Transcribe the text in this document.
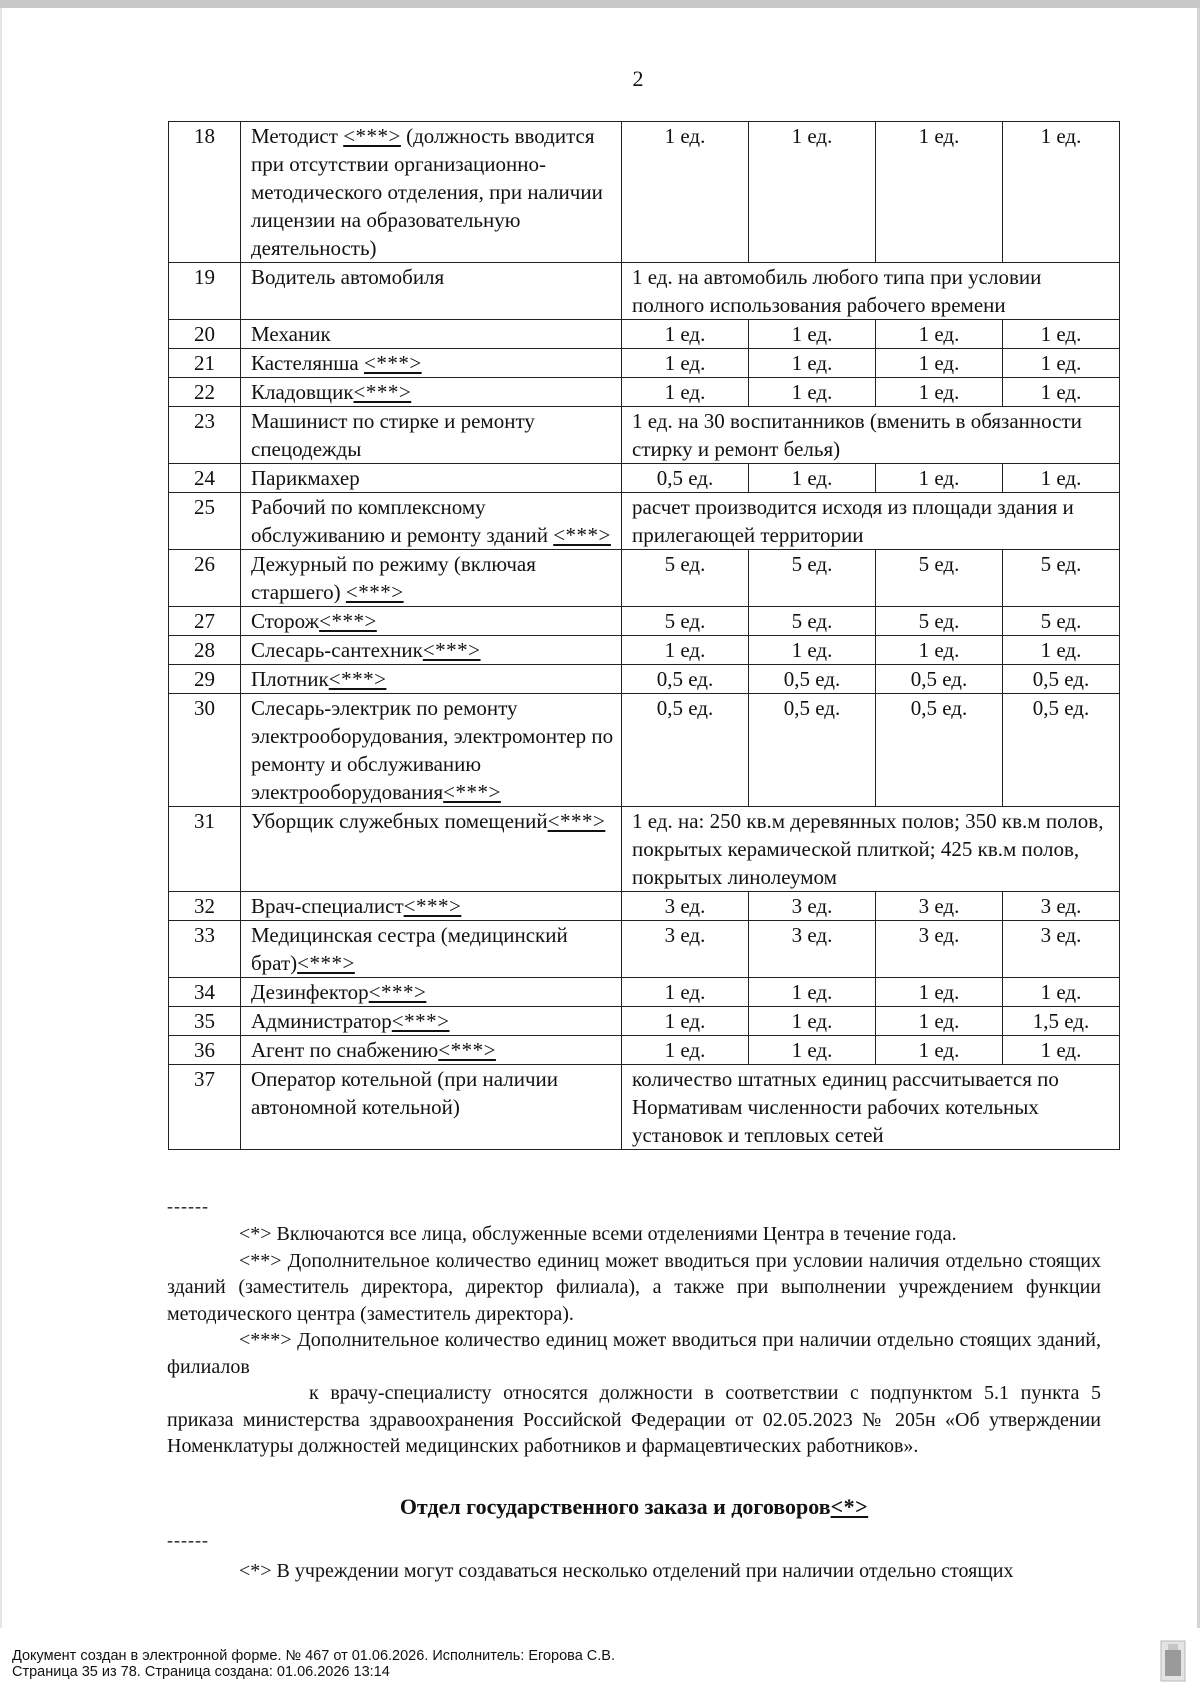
2
18	Методист <***> (должность вводится при отсутствии организационно-методического отделения, при наличии лицензии на образовательную деятельность)	1 ед.	1 ед.	1 ед.	1 ед.
19	Водитель автомобиля	1 ед. на автомобиль любого типа при условии полного использования рабочего времени			
20	Механик	1 ед.	1 ед.	1 ед.	1 ед.
21	Кастелянша <***>	1 ед.	1 ед.	1 ед.	1 ед.
22	Кладовщик<***>	1 ед.	1 ед.	1 ед.	1 ед.
23	Машинист по стирке и ремонту спецодежды	1 ед. на 30 воспитанников (вменить в обязанности стирку и ремонт белья)			
24	Парикмахер	0,5 ед.	1 ед.	1 ед.	1 ед.
25	Рабочий по комплексному обслуживанию и ремонту зданий <***>	расчет производится исходя из площади здания и прилегающей территории			
26	Дежурный по режиму (включая старшего) <***>	5 ед.	5 ед.	5 ед.	5 ед.
27	Сторож<***>	5 ед.	5 ед.	5 ед.	5 ед.
28	Слесарь-сантехник<***>	1 ед.	1 ед.	1 ед.	1 ед.
29	Плотник<***>	0,5 ед.	0,5 ед.	0,5 ед.	0,5 ед.
30	Слесарь-электрик по ремонту электрооборудования, электромонтер по ремонту и обслуживанию электрооборудования<***>	0,5 ед.	0,5 ед.	0,5 ед.	0,5 ед.
31	Уборщик служебных помещений<***>	1 ед. на: 250 кв.м деревянных полов; 350 кв.м полов, покрытых керамической плиткой; 425 кв.м полов, покрытых линолеумом			
32	Врач-специалист<***>	3 ед.	3 ед.	3 ед.	3 ед.
33	Медицинская сестра (медицинский брат)<***>	3 ед.	3 ед.	3 ед.	3 ед.
34	Дезинфектор<***>	1 ед.	1 ед.	1 ед.	1 ед.
35	Администратор<***>	1 ед.	1 ед.	1 ед.	1,5 ед.
36	Агент по снабжению<***>	1 ед.	1 ед.	1 ед.	1 ед.
37	Оператор котельной (при наличии автономной котельной)	количество штатных единиц рассчитывается по Нормативам численности рабочих котельных установок и тепловых сетей			
------

<*> Включаются все лица, обслуженные всеми отделениями Центра в течение года.

<**> Дополнительное количество единиц может вводиться при условии наличия отдельно стоящих зданий (заместитель директора, директор филиала), а также при выполнении учреждением функции методического центра (заместитель директора).

<***> Дополнительное количество единиц может вводиться при наличии отдельно стоящих зданий, филиалов

к врачу-специалисту относятся должности в соответствии с подпунктом 5.1 пункта 5 приказа министерства здравоохранения Российской Федерации от 02.05.2023 № 205н «Об утверждении Номенклатуры должностей медицинских работников и фармацевтических работников».

Отдел государственного заказа и договоров<*>
------
<*> В учреждении могут создаваться несколько отделений при наличии отдельно стоящих
Документ создан в электронной форме. № 467 от 01.06.2026. Исполнитель: Егорова С.В.
Страница 35 из 78. Страница создана: 01.06.2026 13:14
